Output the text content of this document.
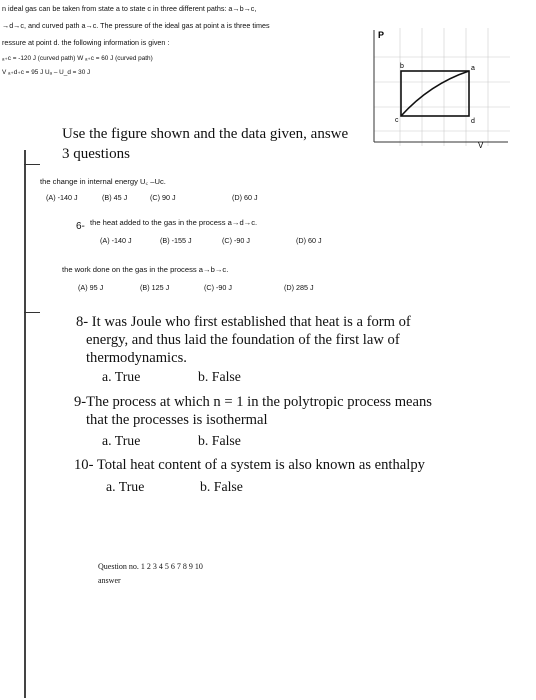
n ideal gas can be taken from state a to state c in three different paths: a→b→c,
→d→c, and curved path a→c. The pressure of the ideal gas at point a is three times
ressure at point d. the following information is given :
ₐ₊c = -120 J (curved path) W ₐ₊c = 60 J (curved path)
V ₐ₊d₊c = 95 J Uₐ – U_d = 30 J
P
V
b	a
c	d
Use the figure shown and the data given, answe
3 questions
the change in internal energy U꜀ –Uc.
(A) -140 J	(B) 45 J	(C) 90 J	(D) 60 J
6- the heat added to the gas in the process a→d→c.
(A) -140 J	(B) -155 J	(C) -90 J	(D) 60 J
the work done on the gas in the process a→b→c.
(A) 95 J	(B) 125 J	(C) -90 J	(D) 285 J
8- It was Joule who first established that heat is a form of
energy, and thus laid the foundation of the first law of
thermodynamics.
a. True	b. False
9-The process at which n = 1 in the polytropic process means
that the processes is isothermal
a. True	b. False
10- Total heat content of a system is also known as enthalpy
a. True	b. False
Question no. 1 2 3 4 5 6 7 8 9 10
answer
